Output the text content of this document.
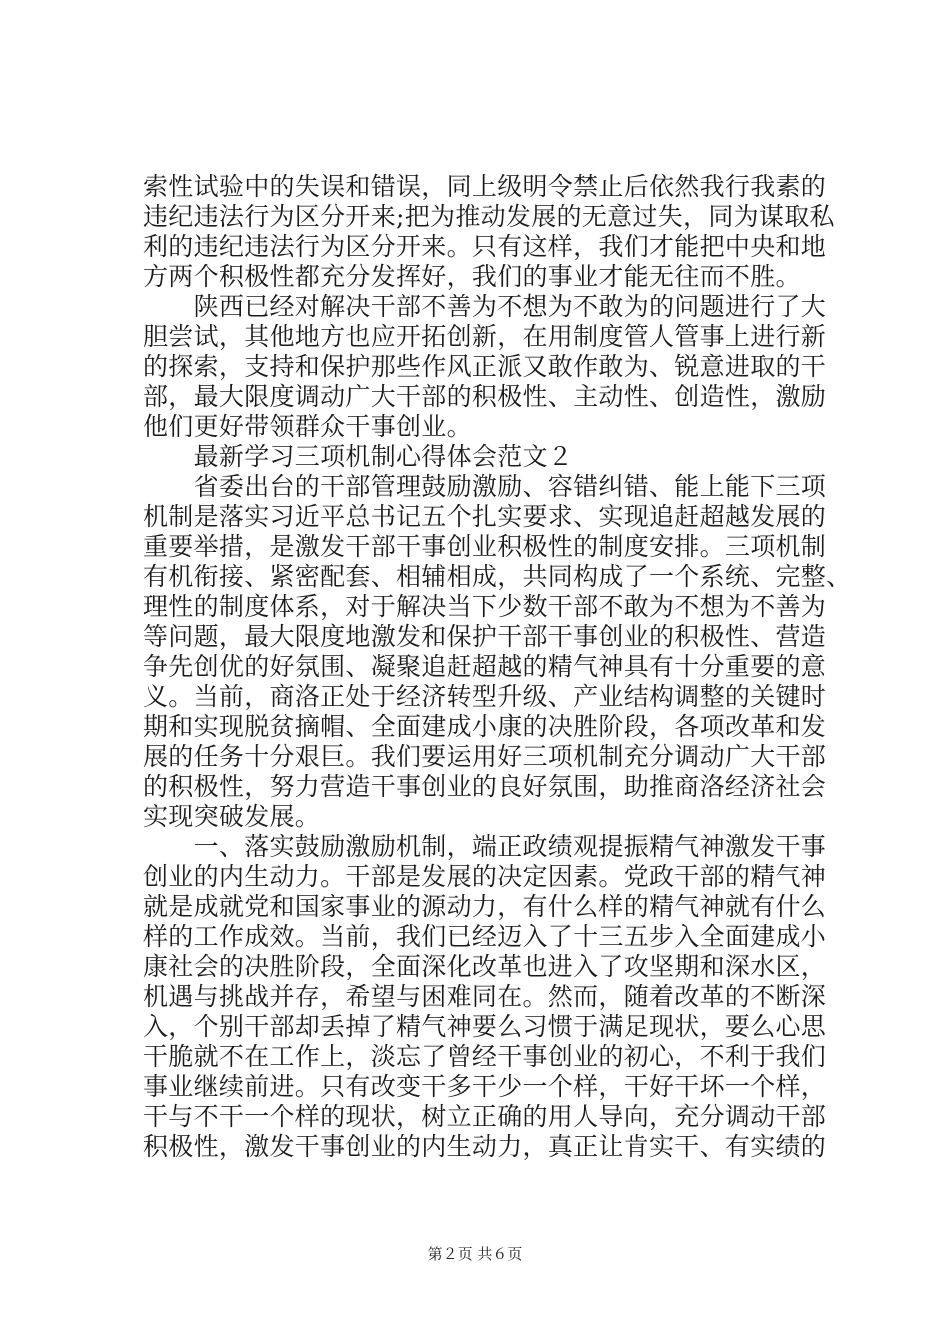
索性试验中的失误和错误，同上级明令禁止后依然我行我素的
违纪违法行为区分开来;把为推动发展的无意过失，同为谋取私
利的违纪违法行为区分开来。只有这样，我们才能把中央和地
方两个积极性都充分发挥好，我们的事业才能无往而不胜。
　　陕西已经对解决干部不善为不想为不敢为的问题进行了大
胆尝试，其他地方也应开拓创新，在用制度管人管事上进行新
的探索，支持和保护那些作风正派又敢作敢为、锐意进取的干
部，最大限度调动广大干部的积极性、主动性、创造性，激励
他们更好带领群众干事创业。
　　最新学习三项机制心得体会范文２
　　省委出台的干部管理鼓励激励、容错纠错、能上能下三项
机制是落实习近平总书记五个扎实要求、实现追赶超越发展的
重要举措，是激发干部干事创业积极性的制度安排。三项机制
有机衔接、紧密配套、相辅相成，共同构成了一个系统、完整、
理性的制度体系，对于解决当下少数干部不敢为不想为不善为
等问题，最大限度地激发和保护干部干事创业的积极性、营造
争先创优的好氛围、凝聚追赶超越的精气神具有十分重要的意
义。当前，商洛正处于经济转型升级、产业结构调整的关键时
期和实现脱贫摘帽、全面建成小康的决胜阶段，各项改革和发
展的任务十分艰巨。我们要运用好三项机制充分调动广大干部
的积极性，努力营造干事创业的良好氛围，助推商洛经济社会
实现突破发展。
　　一、落实鼓励激励机制，端正政绩观提振精气神激发干事
创业的内生动力。干部是发展的决定因素。党政干部的精气神
就是成就党和国家事业的源动力，有什么样的精气神就有什么
样的工作成效。当前，我们已经迈入了十三五步入全面建成小
康社会的决胜阶段，全面深化改革也进入了攻坚期和深水区，
机遇与挑战并存，希望与困难同在。然而，随着改革的不断深
入，个别干部却丢掉了精气神要么习惯于满足现状，要么心思
干脆就不在工作上，淡忘了曾经干事创业的初心，不利于我们
事业继续前进。只有改变干多干少一个样，干好干坏一个样，
干与不干一个样的现状，树立正确的用人导向，充分调动干部
积极性，激发干事创业的内生动力，真正让肯实干、有实绩的
第２页 共６页
